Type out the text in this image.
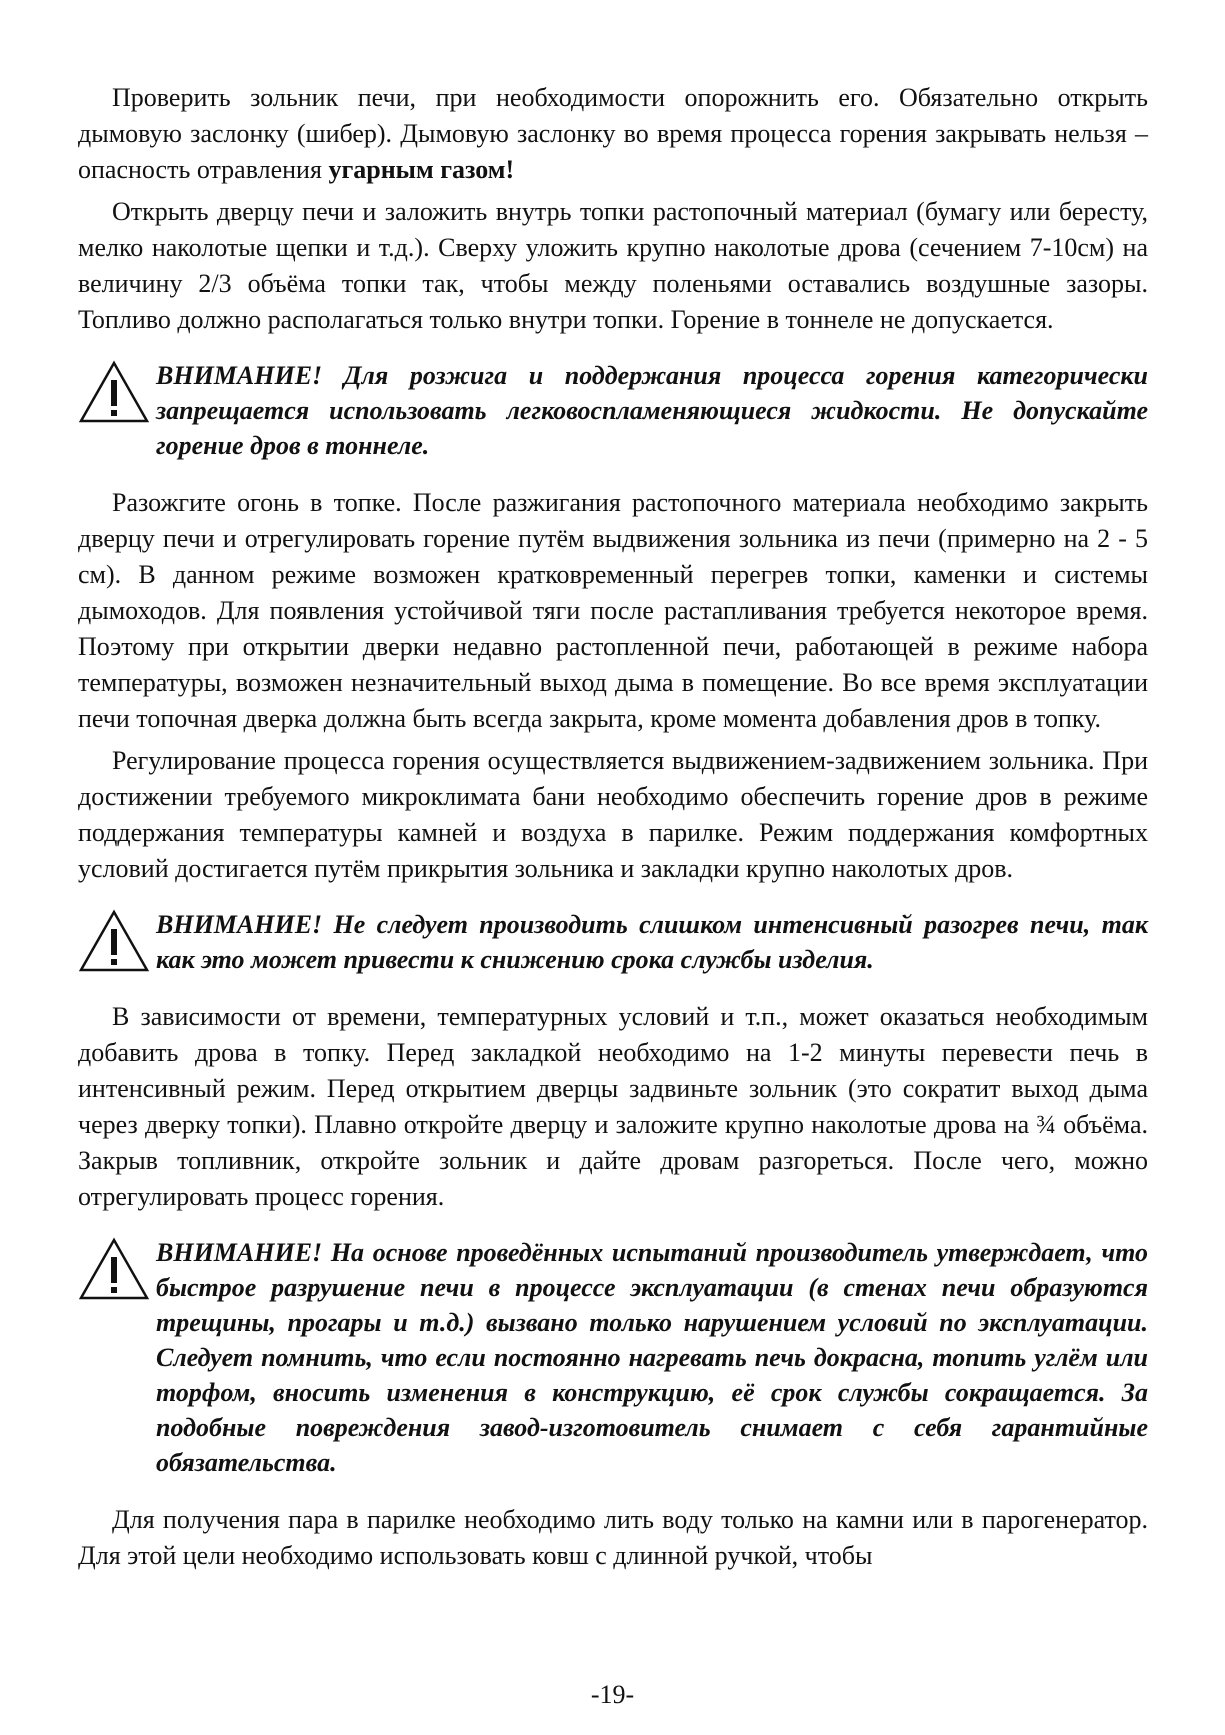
Проверить зольник печи, при необходимости опорожнить его. Обязательно открыть дымовую заслонку (шибер). Дымовую заслонку во время процесса горения закрывать нельзя – опасность отравления угарным газом!

Открыть дверцу печи и заложить внутрь топки растопочный материал (бумагу или бересту, мелко наколотые щепки и т.д.). Сверху уложить крупно наколотые дрова (сечением 7-10см) на величину 2/3 объёма топки так, чтобы между поленьями оставались воздушные зазоры. Топливо должно располагаться только внутри топки. Горение в тоннеле не допускается.

ВНИМАНИЕ! Для розжига и поддержания процесса горения категорически запрещается использовать легковоспламеняющиеся жидкости. Не допускайте горение дров в тоннеле.

Разожгите огонь в топке. После разжигания растопочного материала необходимо закрыть дверцу печи и отрегулировать горение путём выдвижения зольника из печи (примерно на 2 - 5 см). В данном режиме возможен кратковременный перегрев топки, каменки и системы дымоходов. Для появления устойчивой тяги после растапливания требуется некоторое время. Поэтому при открытии дверки недавно растопленной печи, работающей в режиме набора температуры, возможен незначительный выход дыма в помещение. Во все время эксплуатации печи топочная дверка должна быть всегда закрыта, кроме момента добавления дров в топку.

Регулирование процесса горения осуществляется выдвижением-задвижением зольника. При достижении требуемого микроклимата бани необходимо обеспечить горение дров в режиме поддержания температуры камней и воздуха в парилке. Режим поддержания комфортных условий достигается путём прикрытия зольника и закладки крупно наколотых дров.

ВНИМАНИЕ! Не следует производить слишком интенсивный разогрев печи, так как это может привести к снижению срока службы изделия.

В зависимости от времени, температурных условий и т.п., может оказаться необходимым добавить дрова в топку. Перед закладкой необходимо на 1-2 минуты перевести печь в интенсивный режим. Перед открытием дверцы задвиньте зольник (это сократит выход дыма через дверку топки). Плавно откройте дверцу и заложите крупно наколотые дрова на ¾ объёма. Закрыв топливник, откройте зольник и дайте дровам разгореться. После чего, можно отрегулировать процесс горения.

ВНИМАНИЕ! На основе проведённых испытаний производитель утверждает, что быстрое разрушение печи в процессе эксплуатации (в стенах печи образуются трещины, прогары и т.д.) вызвано только нарушением условий по эксплуатации. Следует помнить, что если постоянно нагревать печь докрасна, топить углём или торфом, вносить изменения в конструкцию, её срок службы сокращается. За подобные повреждения завод-изготовитель снимает с себя гарантийные обязательства.

Для получения пара в парилке необходимо лить воду только на камни или в парогенератор. Для этой цели необходимо использовать ковш с длинной ручкой, чтобы

-19-
